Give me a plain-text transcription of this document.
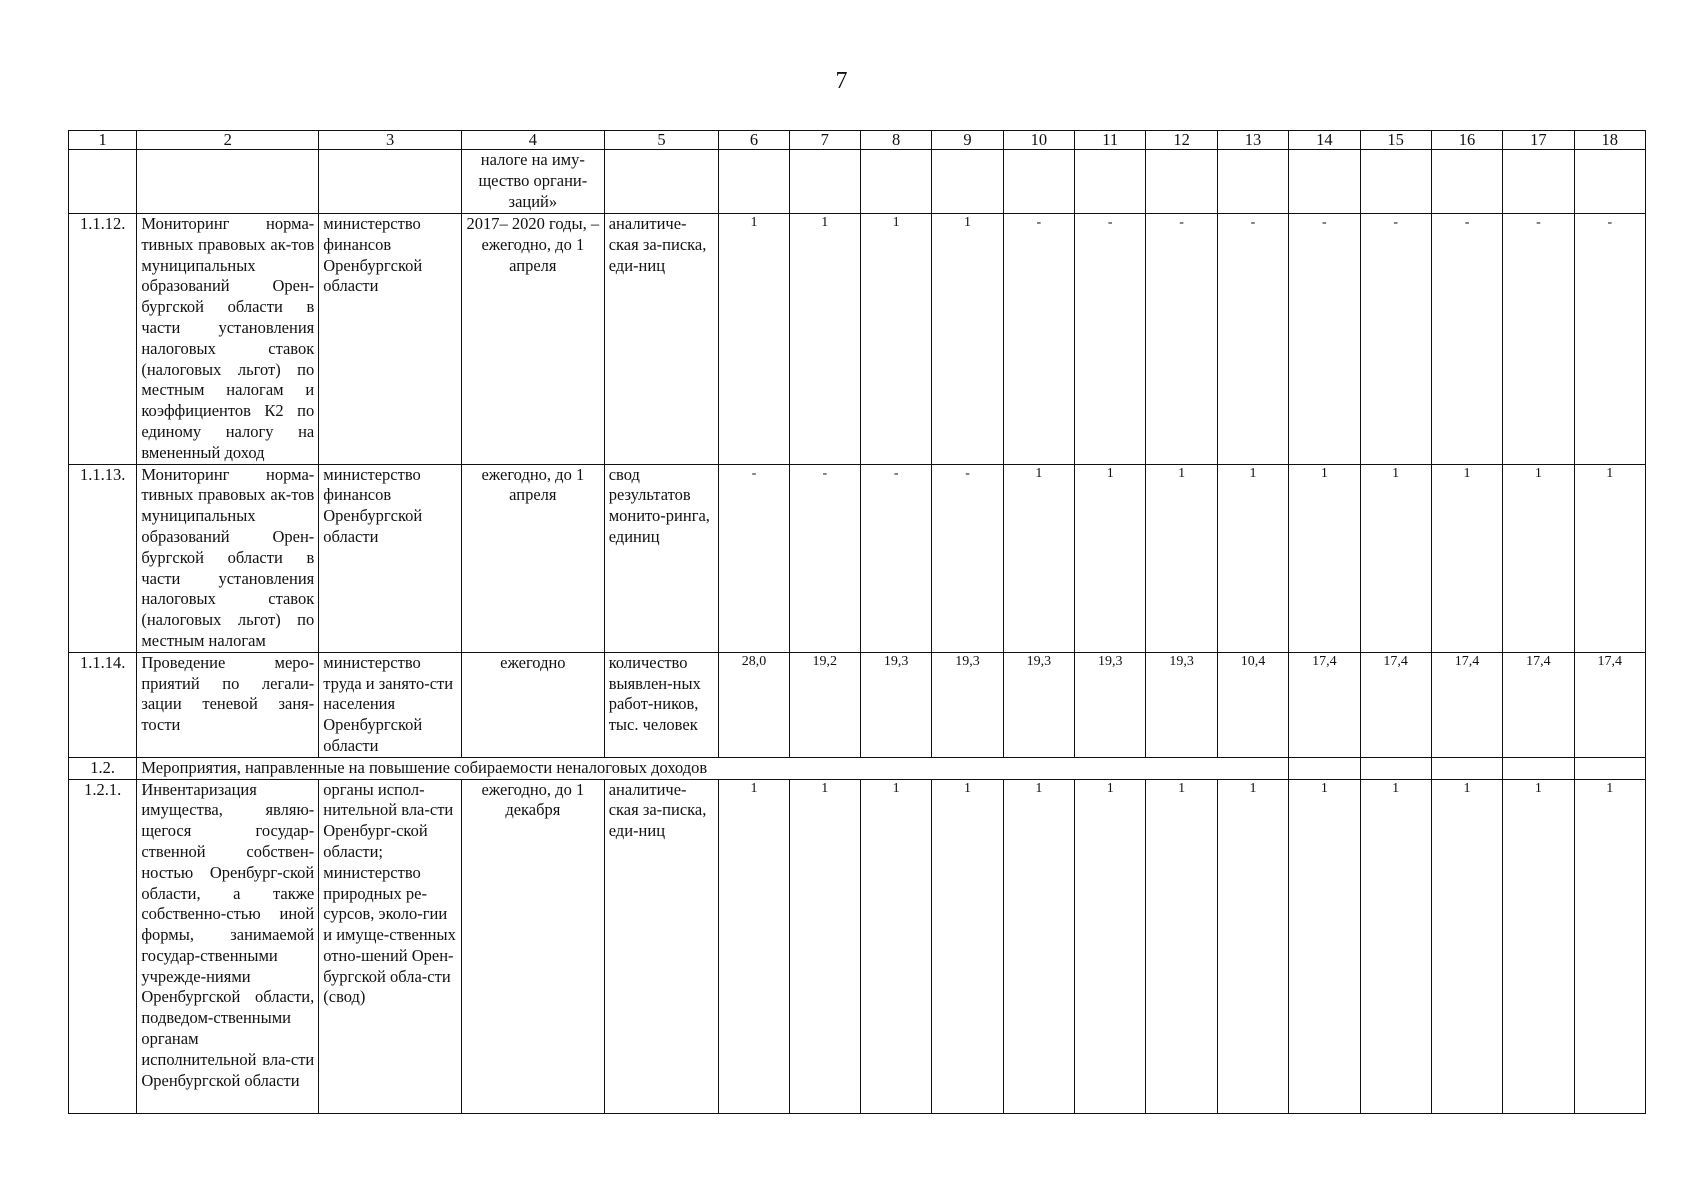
7
1	2	3	4	5	6	7	8	9	10	11	12	13	14	15	16	17	18
			налоге на иму-щество органи-заций»														
1.1.12.	Мониторинг норма-тивных правовых ак-тов муниципальных образований Орен-бургской области в части установления налоговых ставок (налоговых льгот) по местным налогам и коэффициентов К2 по единому налогу на вмененный доход	министерство финансов Оренбургской области	2017– 2020 годы, – ежегодно, до 1 апреля	аналитиче-ская за-писка, еди-ниц	1	1	1	1	-	-	-	-	-	-	-	-	-
1.1.13.	Мониторинг норма-тивных правовых ак-тов муниципальных образований Орен-бургской области в части установления налоговых ставок (налоговых льгот) по местным налогам	министерство финансов Оренбургской области	ежегодно, до 1 апреля	свод результатов монито-ринга, единиц	-	-	-	-	1	1	1	1	1	1	1	1	1
1.1.14.	Проведение меро-приятий по легали-зации теневой заня-тости	министерство труда и занято-сти населения Оренбургской области	ежегодно	количество выявлен-ных работ-ников, тыс. человек	28,0	19,2	19,3	19,3	19,3	19,3	19,3	10,4	17,4	17,4	17,4	17,4	17,4
1.2.	Мероприятия, направленные на повышение собираемости неналоговых доходов																
1.2.1.	Инвентаризация имущества, являю-щегося государ-ственной собствен-ностью Оренбург-ской области, а также собственно-стью иной формы, занимаемой государ-ственными учрежде-ниями Оренбургской области, подведом-ственными органам исполнительной вла-сти Оренбургской области	органы испол-нительной вла-сти Оренбург-ской области; министерство природных ре-сурсов, эколо-гии и имуще-ственных отно-шений Орен-бургской обла-сти (свод)	ежегодно, до 1 декабря	аналитиче-ская за-писка, еди-ниц	1	1	1	1	1	1	1	1	1	1	1	1	1
